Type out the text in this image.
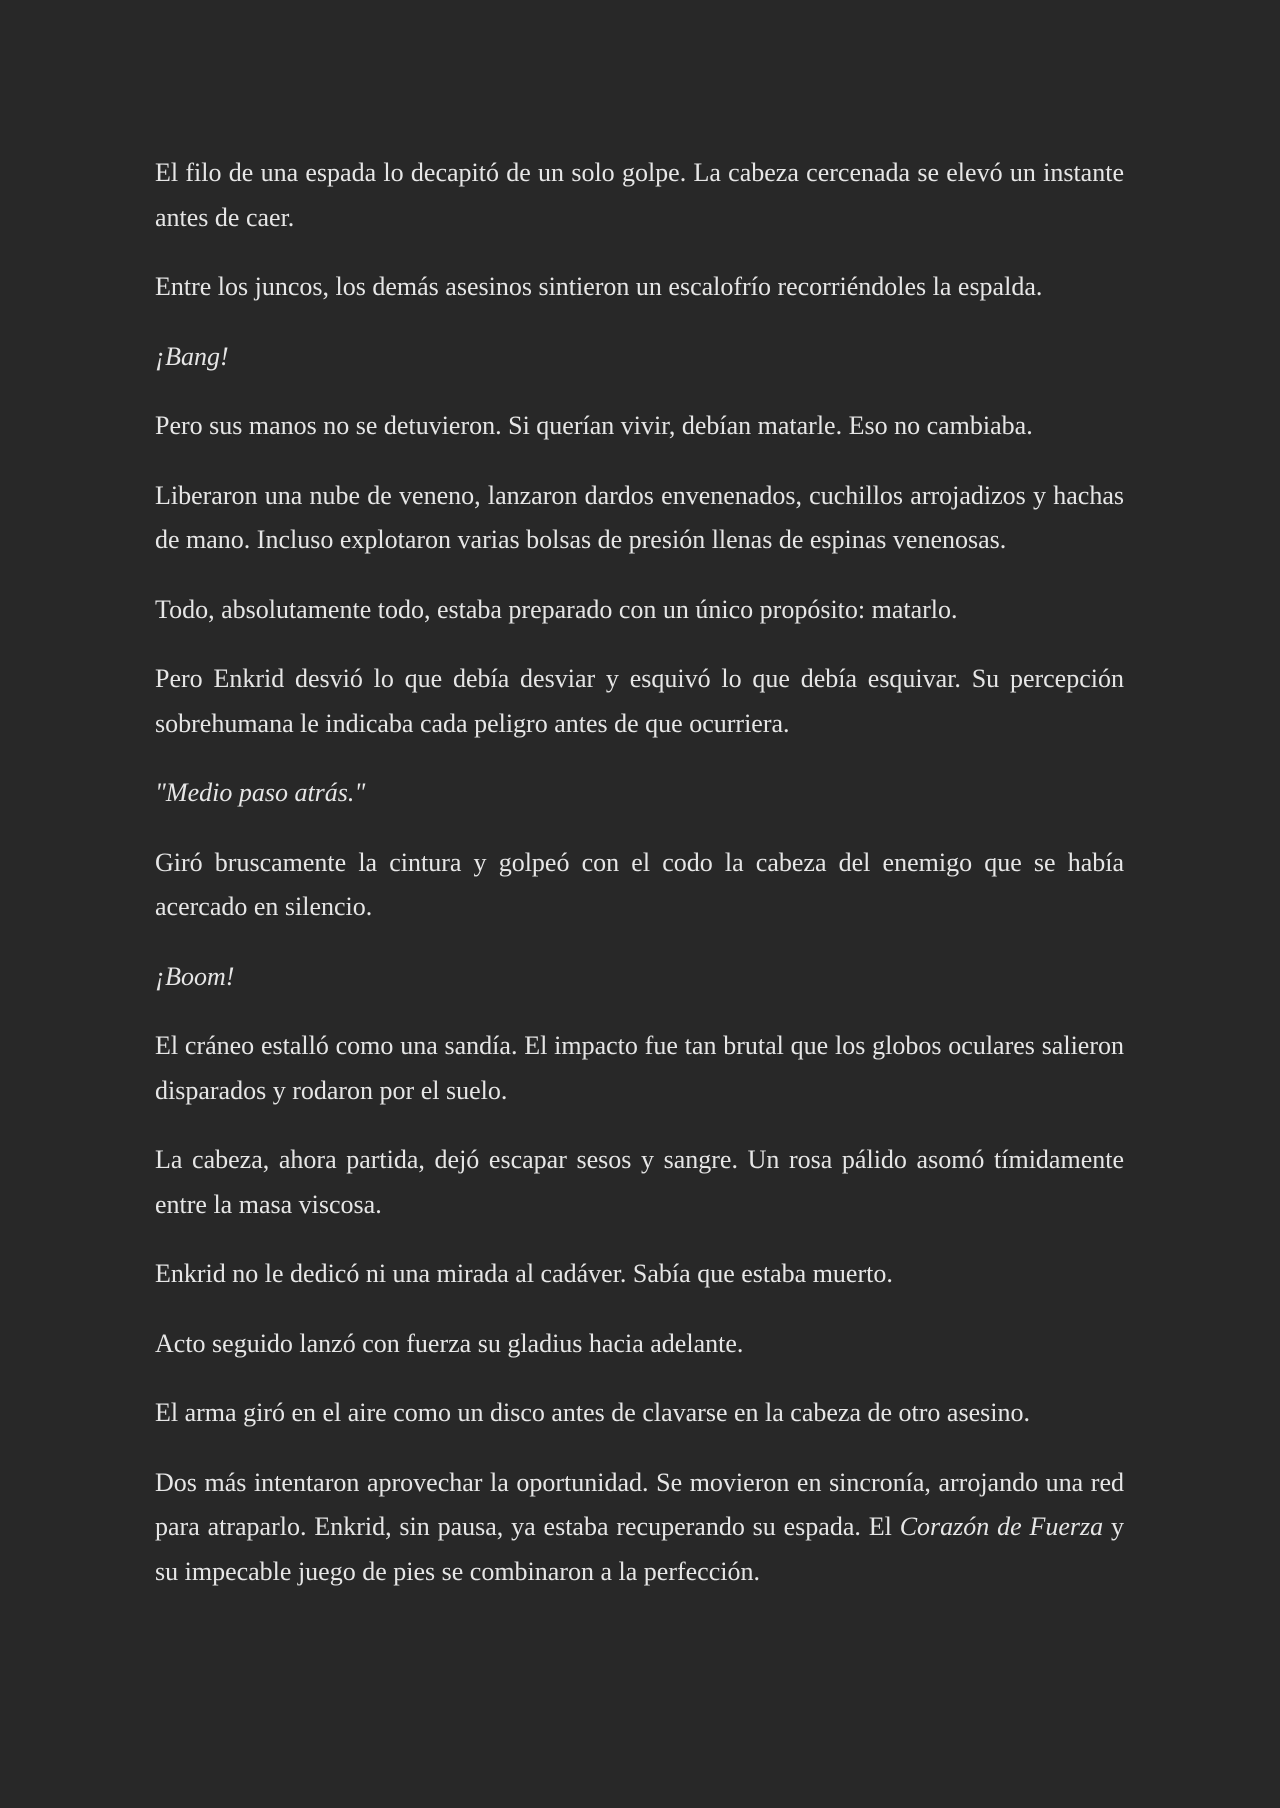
El filo de una espada lo decapitó de un solo golpe. La cabeza cercenada se elevó un instante antes de caer.

Entre los juncos, los demás asesinos sintieron un escalofrío recorriéndoles la espalda.

¡Bang!

Pero sus manos no se detuvieron. Si querían vivir, debían matarle. Eso no cambiaba.

Liberaron una nube de veneno, lanzaron dardos envenenados, cuchillos arrojadizos y hachas de mano. Incluso explotaron varias bolsas de presión llenas de espinas venenosas.

Todo, absolutamente todo, estaba preparado con un único propósito: matarlo.

Pero Enkrid desvió lo que debía desviar y esquivó lo que debía esquivar. Su percepción sobrehumana le indicaba cada peligro antes de que ocurriera.

"Medio paso atrás."

Giró bruscamente la cintura y golpeó con el codo la cabeza del enemigo que se había acercado en silencio.

¡Boom!

El cráneo estalló como una sandía. El impacto fue tan brutal que los globos oculares salieron disparados y rodaron por el suelo.

La cabeza, ahora partida, dejó escapar sesos y sangre. Un rosa pálido asomó tímidamente entre la masa viscosa.

Enkrid no le dedicó ni una mirada al cadáver. Sabía que estaba muerto.

Acto seguido lanzó con fuerza su gladius hacia adelante.

El arma giró en el aire como un disco antes de clavarse en la cabeza de otro asesino.

Dos más intentaron aprovechar la oportunidad. Se movieron en sincronía, arrojando una red para atraparlo. Enkrid, sin pausa, ya estaba recuperando su espada. El Corazón de Fuerza y su impecable juego de pies se combinaron a la perfección.
